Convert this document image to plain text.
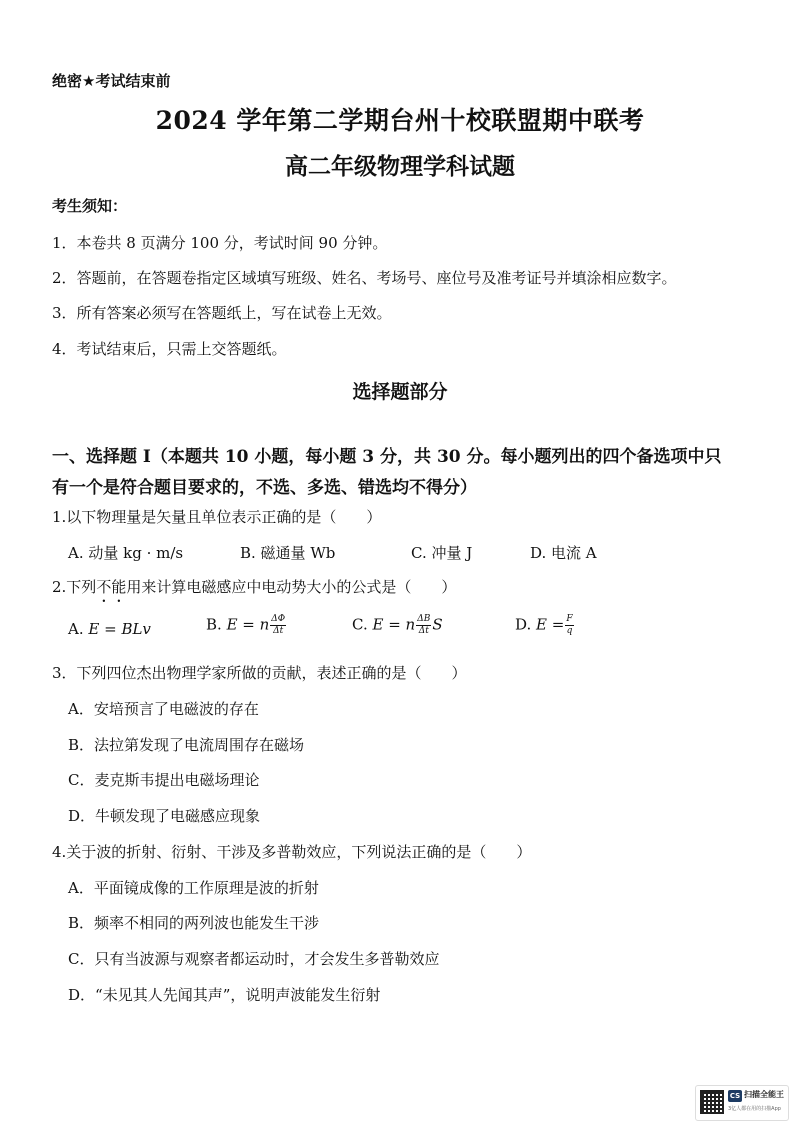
绝密★考试结束前
2024 学年第二学期台州十校联盟期中联考
高二年级物理学科试题
考生须知：
1．本卷共 8 页满分 100 分，考试时间 90 分钟。
2．答题前，在答题卷指定区域填写班级、姓名、考场号、座位号及准考证号并填涂相应数字。
3．所有答案必须写在答题纸上，写在试卷上无效。
4．考试结束后，只需上交答题纸。
选择题部分
一、选择题 I（本题共 10 小题，每小题 3 分，共 30 分。每小题列出的四个备选项中只
有一个是符合题目要求的，不选、多选、错选均不得分）
1.以下物理量是矢量且单位表示正确的是（　　）
A. 动量 kg · m/s	B. 磁通量 Wb	C. 冲量 J	D. 电流 A
2.下列不能用来计算电磁感应中电动势大小的公式是（　　）
A. E = BLv	B. E = n $\frac{\Delta\Phi}{\Delta t}$	C. E = n $\frac{\Delta B}{\Delta t}$ S	D. $E = \frac{F}{q}$
3．下列四位杰出物理学家所做的贡献，表述正确的是（　　）
A．安培预言了电磁波的存在
B．法拉第发现了电流周围存在磁场
C．麦克斯韦提出电磁场理论
D．牛顿发现了电磁感应现象
4.关于波的折射、衍射、干涉及多普勒效应，下列说法正确的是（　　）
A．平面镜成像的工作原理是波的折射
B．频率不相同的两列波也能发生干涉
C．只有当波源与观察者都运动时，才会发生多普勒效应
D．“未见其人先闻其声”，说明声波能发生衍射
CS 扫描全能王
3亿人都在用的扫描App
